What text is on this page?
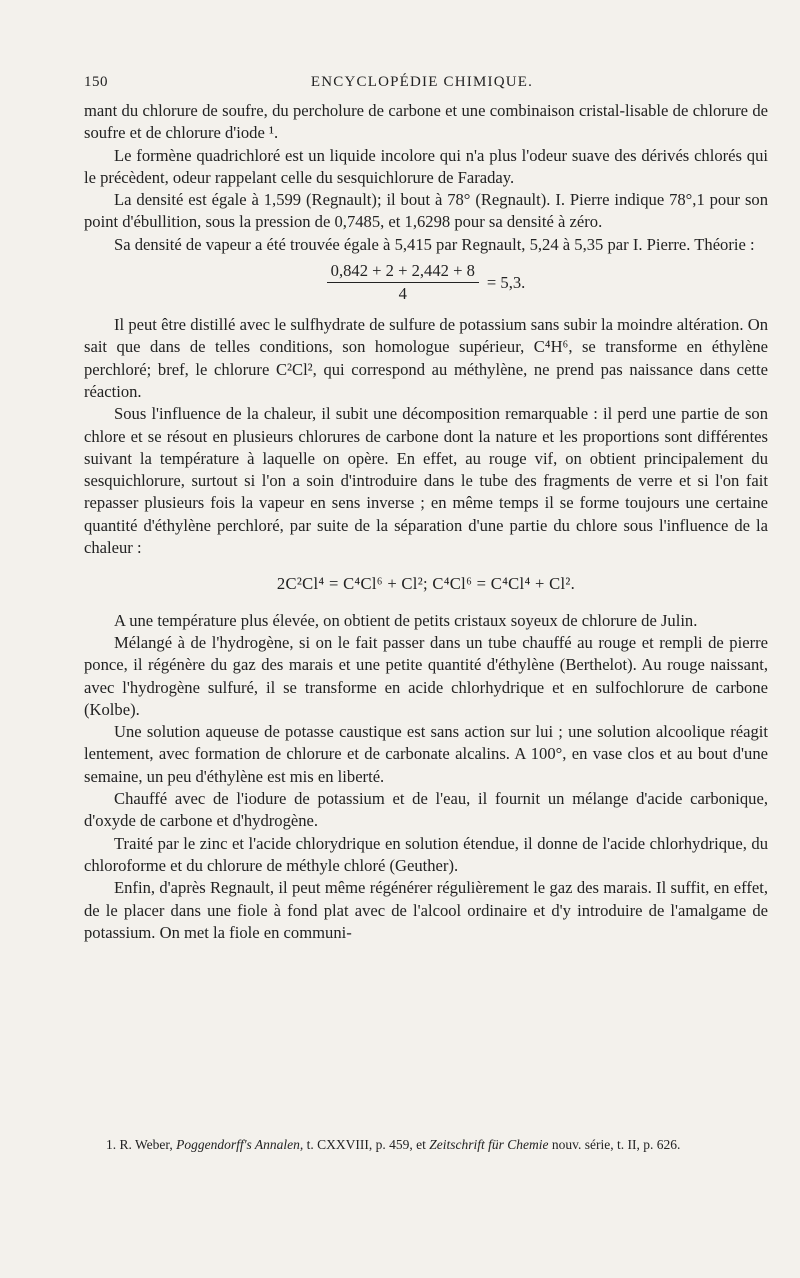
150	ENCYCLOPÉDIE CHIMIQUE.

mant du chlorure de soufre, du percholure de carbone et une combinaison cristal-lisable de chlorure de soufre et de chlorure d'iode ¹.

Le formène quadrichloré est un liquide incolore qui n'a plus l'odeur suave des dérivés chlorés qui le précèdent, odeur rappelant celle du sesquichlorure de Faraday.

La densité est égale à 1,599 (Regnault); il bout à 78° (Regnault). I. Pierre indique 78°,1 pour son point d'ébullition, sous la pression de 0,7485, et 1,6298 pour sa densité à zéro.

Sa densité de vapeur a été trouvée égale à 5,415 par Regnault, 5,24 à 5,35 par I. Pierre. Théorie :

$\frac{0,842 + 2 + 2,442 + 8}{4} = 5,3$.

Il peut être distillé avec le sulfhydrate de sulfure de potassium sans subir la moindre altération. On sait que dans de telles conditions, son homologue supérieur, C⁴H⁶, se transforme en éthylène perchloré; bref, le chlorure C²Cl², qui correspond au méthylène, ne prend pas naissance dans cette réaction.

Sous l'influence de la chaleur, il subit une décomposition remarquable : il perd une partie de son chlore et se résout en plusieurs chlorures de carbone dont la nature et les proportions sont différentes suivant la température à laquelle on opère. En effet, au rouge vif, on obtient principalement du sesquichlorure, surtout si l'on a soin d'introduire dans le tube des fragments de verre et si l'on fait repasser plusieurs fois la vapeur en sens inverse ; en même temps il se forme toujours une certaine quantité d'éthylène perchloré, par suite de la séparation d'une partie du chlore sous l'influence de la chaleur :

2C²Cl⁴ = C⁴Cl⁶ + Cl²; C⁴Cl⁶ = C⁴Cl⁴ + Cl².

A une température plus élevée, on obtient de petits cristaux soyeux de chlorure de Julin.

Mélangé à de l'hydrogène, si on le fait passer dans un tube chauffé au rouge et rempli de pierre ponce, il régénère du gaz des marais et une petite quantité d'éthylène (Berthelot). Au rouge naissant, avec l'hydrogène sulfuré, il se transforme en acide chlorhydrique et en sulfochlorure de carbone (Kolbe).

Une solution aqueuse de potasse caustique est sans action sur lui ; une solution alcoolique réagit lentement, avec formation de chlorure et de carbonate alcalins. A 100°, en vase clos et au bout d'une semaine, un peu d'éthylène est mis en liberté.

Chauffé avec de l'iodure de potassium et de l'eau, il fournit un mélange d'acide carbonique, d'oxyde de carbone et d'hydrogène.

Traité par le zinc et l'acide chlorydrique en solution étendue, il donne de l'acide chlorhydrique, du chloroforme et du chlorure de méthyle chloré (Geuther).

Enfin, d'après Regnault, il peut même régénérer régulièrement le gaz des marais. Il suffit, en effet, de le placer dans une fiole à fond plat avec de l'alcool ordinaire et d'y introduire de l'amalgame de potassium. On met la fiole en communi-

1. R. Weber, Poggendorff's Annalen, t. CXXVIII, p. 459, et Zeitschrift für Chemie nouv. série, t. II, p. 626.
